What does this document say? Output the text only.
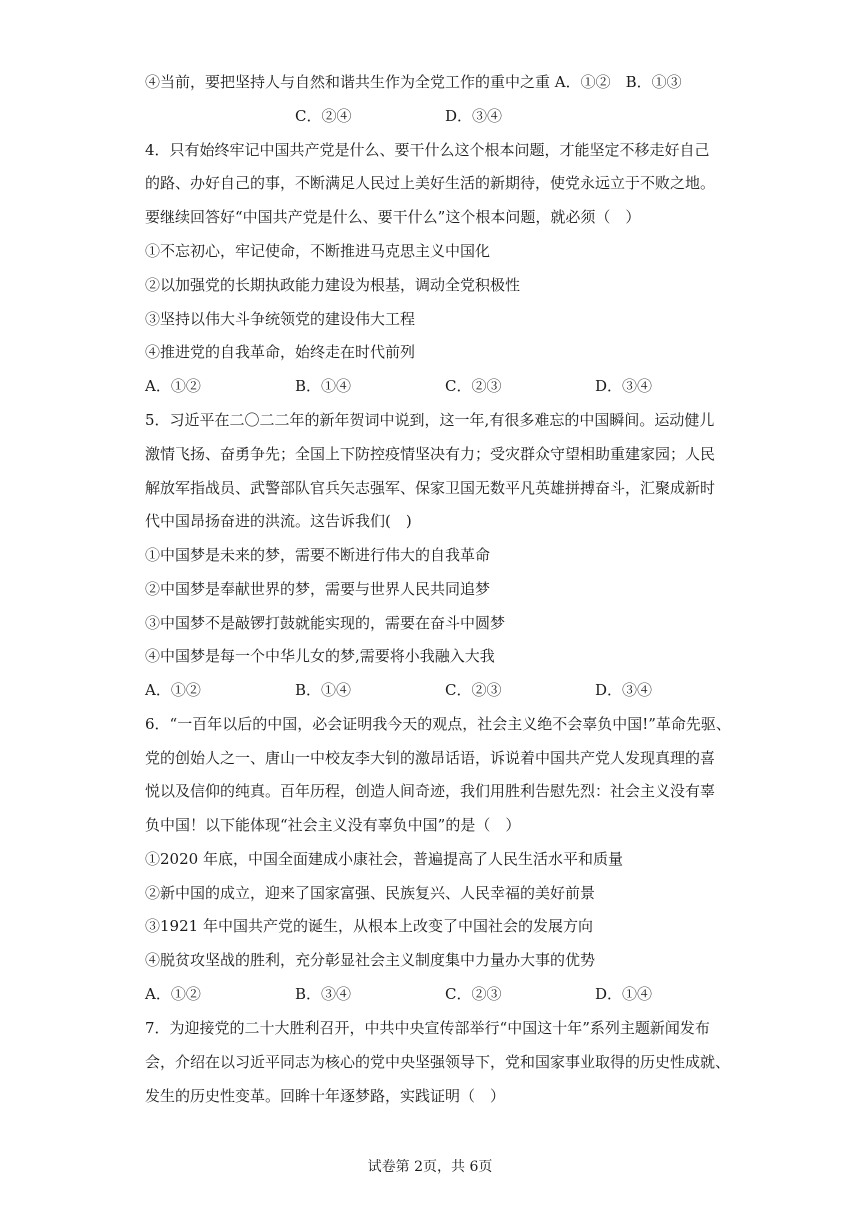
④当前，要把坚持人与自然和谐共生作为全党工作的重中之重 A．①②　B．①③
C．②④	D．③④
4．只有始终牢记中国共产党是什么、要干什么这个根本问题，才能坚定不移走好自己
的路、办好自己的事，不断满足人民过上美好生活的新期待，使党永远立于不败之地。
要继续回答好“中国共产党是什么、要干什么”这个根本问题，就必须（　）
①不忘初心，牢记使命，不断推进马克思主义中国化
②以加强党的长期执政能力建设为根基，调动全党积极性
③坚持以伟大斗争统领党的建设伟大工程
④推进党的自我革命，始终走在时代前列
A．①②	B．①④	C．②③	D．③④
5．习近平在二〇二二年的新年贺词中说到，这一年,有很多难忘的中国瞬间。运动健儿
激情飞扬、奋勇争先；全国上下防控疫情坚决有力；受灾群众守望相助重建家园；人民
解放军指战员、武警部队官兵矢志强军、保家卫国无数平凡英雄拼搏奋斗，汇聚成新时
代中国昂扬奋进的洪流。这告诉我们(　)
①中国梦是未来的梦，需要不断进行伟大的自我革命
②中国梦是奉献世界的梦，需要与世界人民共同追梦
③中国梦不是敲锣打鼓就能实现的，需要在奋斗中圆梦
④中国梦是每一个中华儿女的梦,需要将小我融入大我
A．①②	B．①④	C．②③	D．③④
6．“一百年以后的中国，必会证明我今天的观点，社会主义绝不会辜负中国!”革命先驱、
党的创始人之一、唐山一中校友李大钊的激昂话语，诉说着中国共产党人发现真理的喜
悦以及信仰的纯真。百年历程，创造人间奇迹，我们用胜利告慰先烈：社会主义没有辜
负中国！以下能体现“社会主义没有辜负中国”的是（　）
①2020 年底，中国全面建成小康社会，普遍提高了人民生活水平和质量
②新中国的成立，迎来了国家富强、民族复兴、人民幸福的美好前景
③1921 年中国共产党的诞生，从根本上改变了中国社会的发展方向
④脱贫攻坚战的胜利，充分彰显社会主义制度集中力量办大事的优势
A．①②	B．③④	C．②③	D．①④
7．为迎接党的二十大胜利召开，中共中央宣传部举行“中国这十年”系列主题新闻发布
会，介绍在以习近平同志为核心的党中央坚强领导下，党和国家事业取得的历史性成就、
发生的历史性变革。回眸十年逐梦路，实践证明（　）
试卷第 2页，共 6页
